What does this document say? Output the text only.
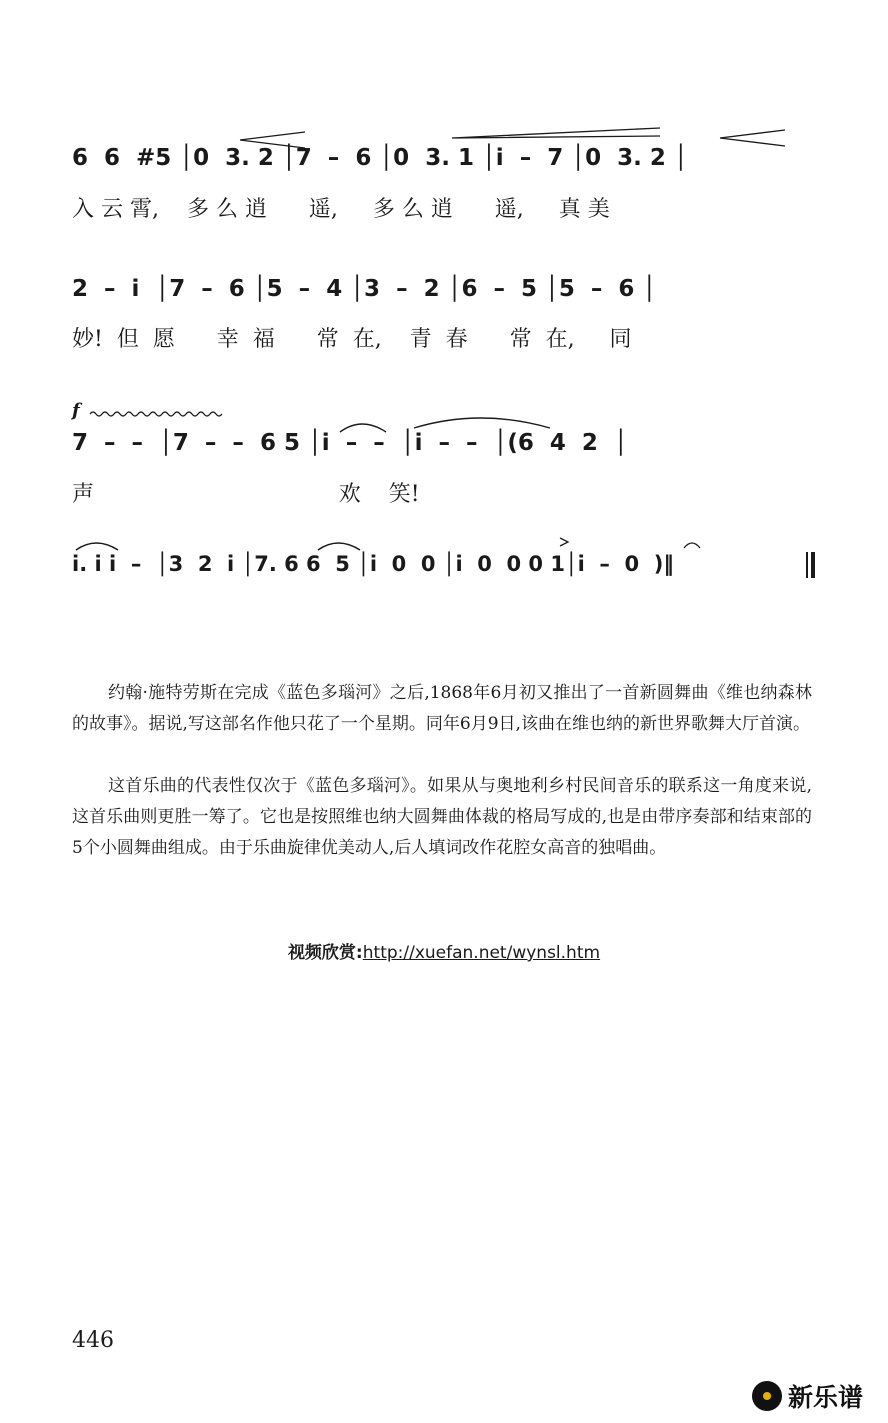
6  6  #5 │0  3. 2 │7  –  6 │0  3. 1 │i  –  7 │0  3. 2 │
入 云 霄,    多 么 逍      遥,     多 么 逍      遥,     真 美
2  –  i  │7  –  6 │5  –  4 │3  –  2 │6  –  5 │5  –  6 │
妙!  但  愿      幸  福      常  在,    青  春      常  在,     同
f
7  –  –  │7  –  –  6 5 │i  –  –  │i  –  –  │(6  4  2  │
声                                   欢    笑!
i. i i  –  │3  2  i │7. 6 6  5 │i  0  0 │i  0  0 0 1│i  –  0  )‖

约翰·施特劳斯在完成《蓝色多瑙河》之后,1868年6月初又推出了一首新圆舞曲《维也纳森林的故事》。据说,写这部名作他只花了一个星期。同年6月9日,该曲在维也纳的新世界歌舞大厅首演。

这首乐曲的代表性仅次于《蓝色多瑙河》。如果从与奥地利乡村民间音乐的联系这一角度来说,这首乐曲则更胜一筹了。它也是按照维也纳大圆舞曲体裁的格局写成的,也是由带序奏部和结束部的5个小圆舞曲组成。由于乐曲旋律优美动人,后人填词改作花腔女高音的独唱曲。

视频欣赏:http://xuefan.net/wynsl.htm
446
新乐谱
